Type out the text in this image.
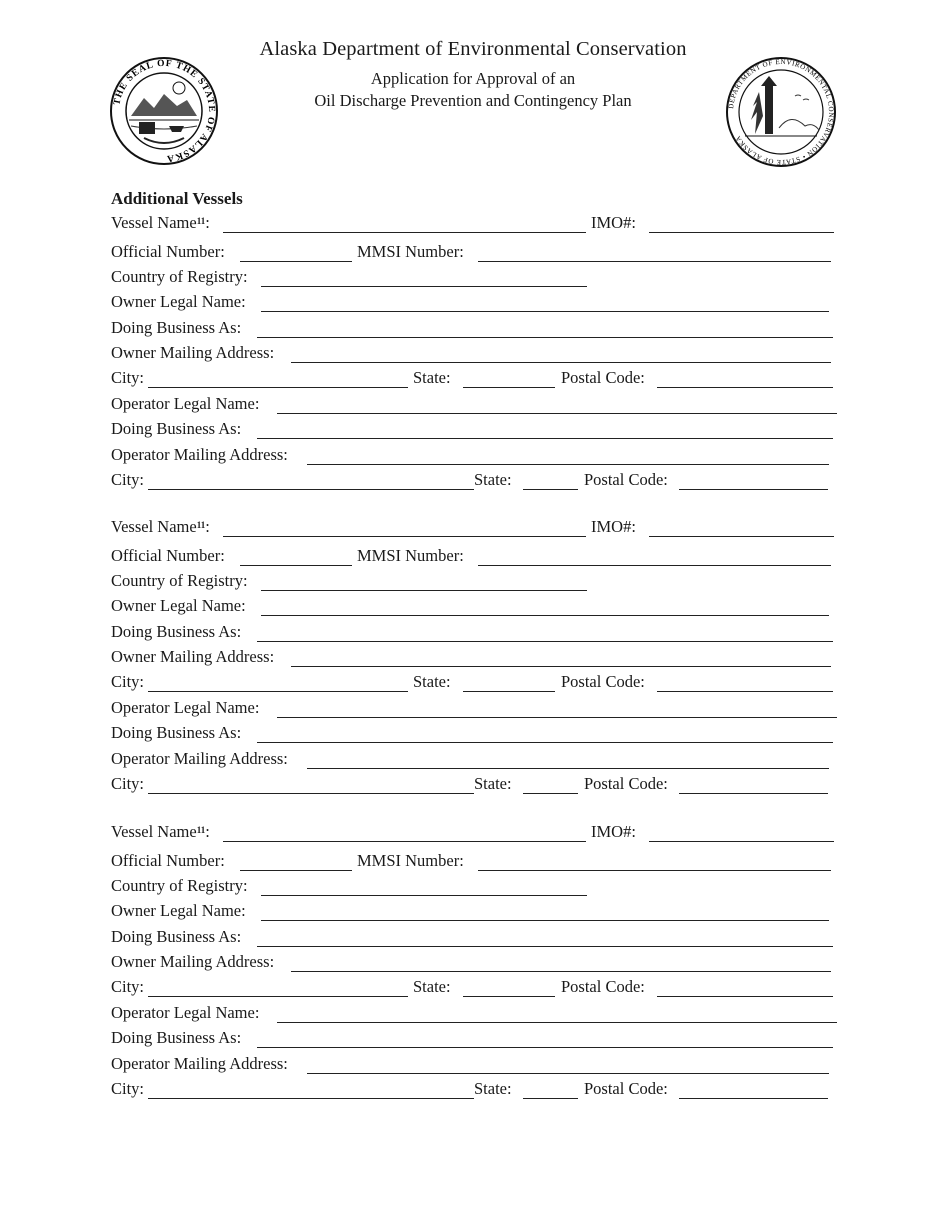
THE SEAL OF THE STATE OF ALASKA
Alaska Department of Environmental Conservation
Application for Approval of an
Oil Discharge Prevention and Contingency Plan	DEPARTMENT OF ENVIRONMENTAL CONSERVATION • STATE OF ALASKA
Additional Vessels
Vessel Name$^{11}$:	IMO#:
Official Number:	MMSI Number:
Country of Registry:
Owner Legal Name:
Doing Business As:
Owner Mailing Address:
City:	State:	Postal Code:
Operator Legal Name:
Doing Business As:
Operator Mailing Address:
City:	State:	Postal Code:
Vessel Name$^{11}$:	IMO#:
Official Number:	MMSI Number:
Country of Registry:
Owner Legal Name:
Doing Business As:
Owner Mailing Address:
City:	State:	Postal Code:
Operator Legal Name:
Doing Business As:
Operator Mailing Address:
City:	State:	Postal Code:
Vessel Name$^{11}$:	IMO#:
Official Number:	MMSI Number:
Country of Registry:
Owner Legal Name:
Doing Business As:
Owner Mailing Address:
City:	State:	Postal Code:
Operator Legal Name:
Doing Business As:
Operator Mailing Address:
City:	State:	Postal Code:
